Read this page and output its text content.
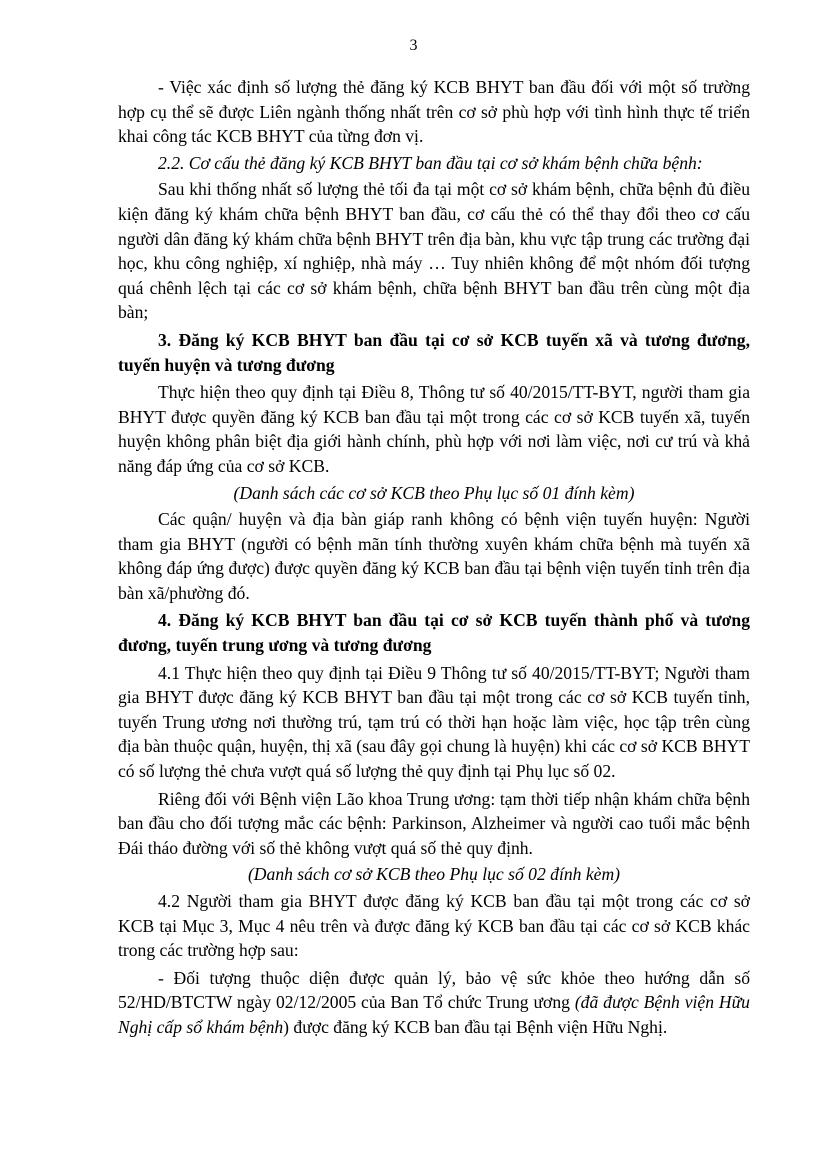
3

- Việc xác định số lượng thẻ đăng ký KCB BHYT ban đầu đối với một số trường hợp cụ thể sẽ được Liên ngành thống nhất trên cơ sở phù hợp với tình hình thực tế triển khai công tác KCB BHYT của từng đơn vị.

2.2. Cơ cấu thẻ đăng ký KCB BHYT ban đầu tại cơ sở khám bệnh chữa bệnh:

Sau khi thống nhất số lượng thẻ tối đa tại một cơ sở khám bệnh, chữa bệnh đủ điều kiện đăng ký khám chữa bệnh BHYT ban đầu, cơ cấu thẻ có thể thay đổi theo cơ cấu người dân đăng ký khám chữa bệnh BHYT trên địa bàn, khu vực tập trung các trường đại học, khu công nghiệp, xí nghiệp, nhà máy … Tuy nhiên không để một nhóm đối tượng quá chênh lệch tại các cơ sở khám bệnh, chữa bệnh BHYT ban đầu trên cùng một địa bàn;

3. Đăng ký KCB BHYT ban đầu tại cơ sở KCB tuyến xã và tương đương, tuyến huyện và tương đương

Thực hiện theo quy định tại Điều 8, Thông tư số 40/2015/TT-BYT, người tham gia BHYT được quyền đăng ký KCB ban đầu tại một trong các cơ sở KCB tuyến xã, tuyến huyện không phân biệt địa giới hành chính, phù hợp với nơi làm việc, nơi cư trú và khả năng đáp ứng của cơ sở KCB.

(Danh sách các cơ sở KCB theo Phụ lục số 01 đính kèm)

Các quận/ huyện và địa bàn giáp ranh không có bệnh viện tuyến huyện: Người tham gia BHYT (người có bệnh mãn tính thường xuyên khám chữa bệnh mà tuyến xã không đáp ứng được) được quyền đăng ký KCB ban đầu tại bệnh viện tuyến tỉnh trên địa bàn xã/phường đó.

4. Đăng ký KCB BHYT ban đầu tại cơ sở KCB tuyến thành phố và tương đương, tuyến trung ương và tương đương

4.1 Thực hiện theo quy định tại Điều 9 Thông tư số 40/2015/TT-BYT; Người tham gia BHYT được đăng ký KCB BHYT ban đầu tại một trong các cơ sở KCB tuyến tỉnh, tuyến Trung ương nơi thường trú, tạm trú có thời hạn hoặc làm việc, học tập trên cùng địa bàn thuộc quận, huyện, thị xã (sau đây gọi chung là huyện) khi các cơ sở KCB BHYT có số lượng thẻ chưa vượt quá số lượng thẻ quy định tại Phụ lục số 02.

Riêng đối với Bệnh viện Lão khoa Trung ương: tạm thời tiếp nhận khám chữa bệnh ban đầu cho đối tượng mắc các bệnh: Parkinson, Alzheimer và người cao tuổi mắc bệnh Đái tháo đường với số thẻ không vượt quá số thẻ quy định.

(Danh sách cơ sở KCB theo Phụ lục số 02 đính kèm)

4.2 Người tham gia BHYT được đăng ký KCB ban đầu tại một trong các cơ sở KCB tại Mục 3, Mục 4 nêu trên và được đăng ký KCB ban đầu tại các cơ sở KCB khác trong các trường hợp sau:

- Đối tượng thuộc diện được quản lý, bảo vệ sức khỏe theo hướng dẫn số 52/HD/BTCTW ngày 02/12/2005 của Ban Tổ chức Trung ương (đã được Bệnh viện Hữu Nghị cấp sổ khám bệnh) được đăng ký KCB ban đầu tại Bệnh viện Hữu Nghị.
